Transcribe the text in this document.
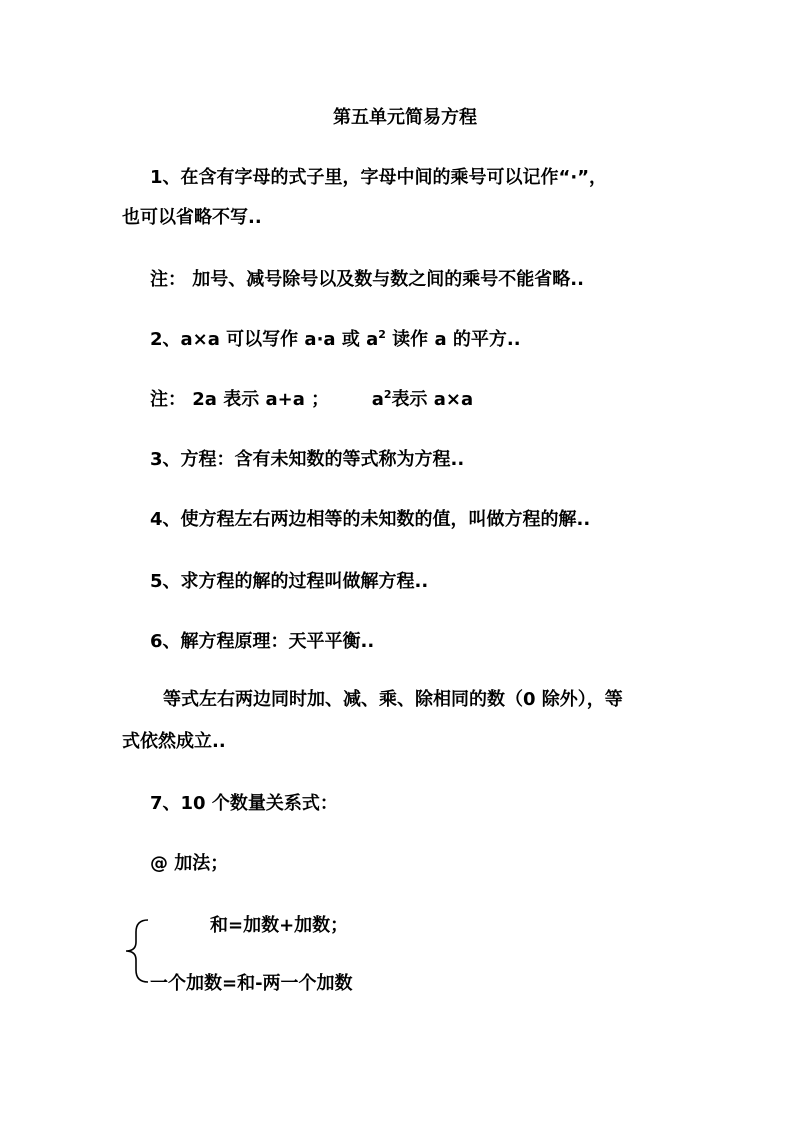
第五单元简易方程
1、在含有字母的式子里，字母中间的乘号可以记作“·”，
也可以省略不写..
注： 加号、减号除号以及数与数之间的乘号不能省略..
2、a×a 可以写作 a·a 或 $a^2$ 读作 a 的平方..
注： 2a 表示 a+a ； $a^2$表示 a×a
3、方程：含有未知数的等式称为方程..
4、使方程左右两边相等的未知数的值，叫做方程的解..
5、求方程的解的过程叫做解方程..
6、解方程原理：天平平衡..
等式左右两边同时加、减、乘、除相同的数（0 除外），等
式依然成立..
7、10 个数量关系式：
@ 加法；
和=加数+加数；
一个加数=和-两一个加数
